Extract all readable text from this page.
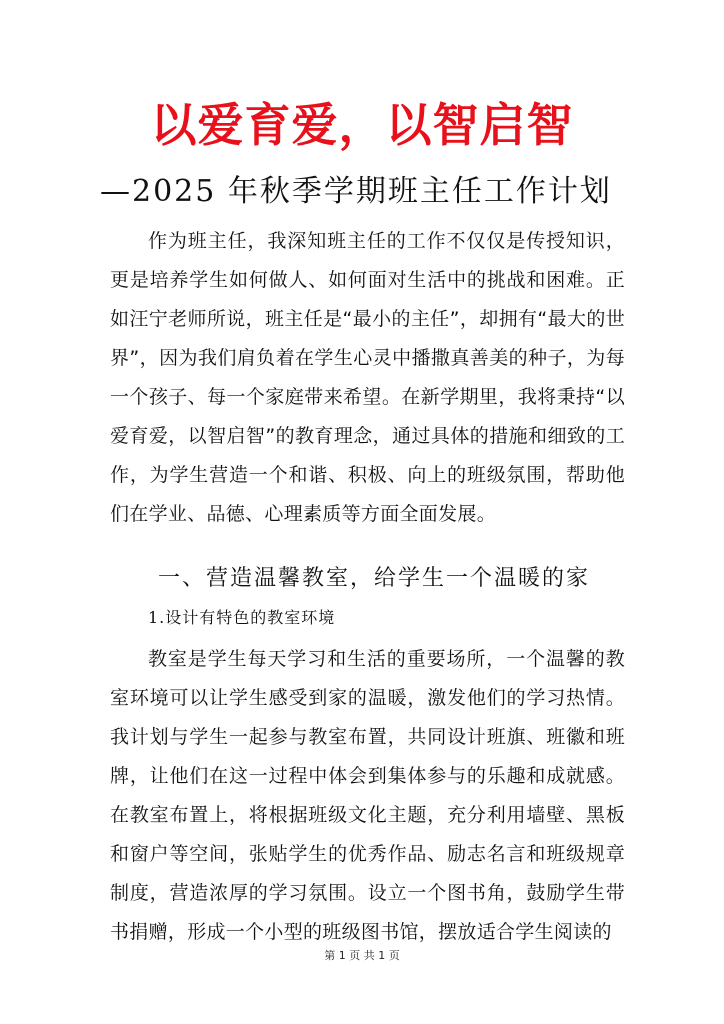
以爱育爱，以智启智
—2025 年秋季学期班主任工作计划

作为班主任，我深知班主任的工作不仅仅是传授知识，更是培养学生如何做人、如何面对生活中的挑战和困难。正如汪宁老师所说，班主任是“最小的主任”，却拥有“最大的世界”，因为我们肩负着在学生心灵中播撒真善美的种子，为每一个孩子、每一个家庭带来希望。在新学期里，我将秉持“以爱育爱，以智启智”的教育理念，通过具体的措施和细致的工作，为学生营造一个和谐、积极、向上的班级氛围，帮助他们在学业、品德、心理素质等方面全面发展。

一、营造温馨教室，给学生一个温暖的家
1.设计有特色的教室环境

教室是学生每天学习和生活的重要场所，一个温馨的教室环境可以让学生感受到家的温暖，激发他们的学习热情。我计划与学生一起参与教室布置，共同设计班旗、班徽和班牌，让他们在这一过程中体会到集体参与的乐趣和成就感。在教室布置上，将根据班级文化主题，充分利用墙壁、黑板和窗户等空间，张贴学生的优秀作品、励志名言和班级规章制度，营造浓厚的学习氛围。设立一个图书角，鼓励学生带书捐赠，形成一个小型的班级图书馆，摆放适合学生阅读的

第 1 页 共 1 页
